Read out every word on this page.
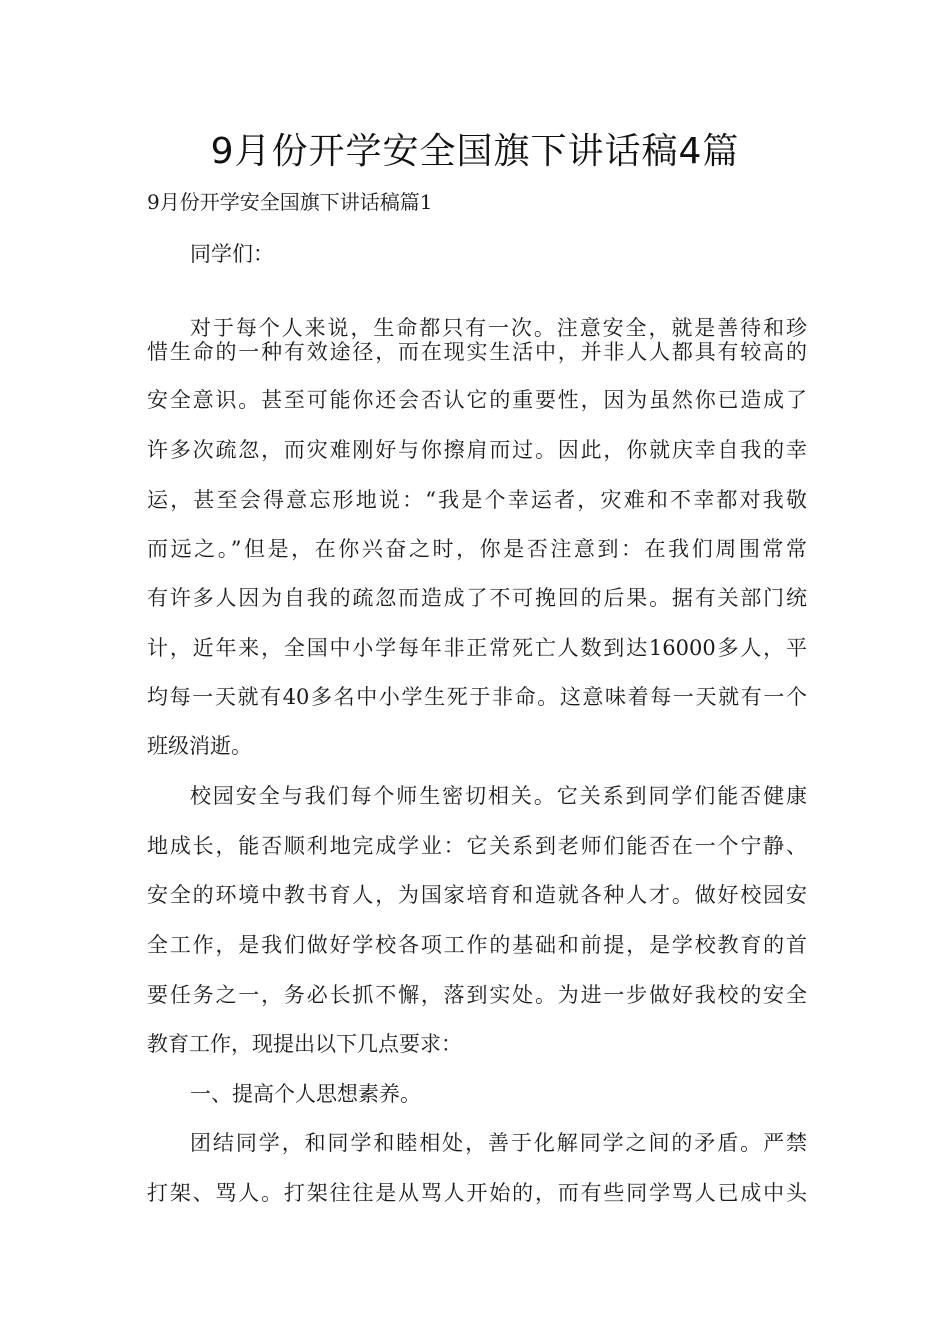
9月份开学安全国旗下讲话稿4篇
9月份开学安全国旗下讲话稿篇1
同学们：
对于每个人来说，生命都只有一次。注意安全，就是善待和珍
惜生命的一种有效途径，而在现实生活中，并非人人都具有较高的
安全意识。甚至可能你还会否认它的重要性，因为虽然你已造成了
许多次疏忽，而灾难刚好与你擦肩而过。因此，你就庆幸自我的幸
运，甚至会得意忘形地说：“我是个幸运者，灾难和不幸都对我敬
而远之。”但是，在你兴奋之时，你是否注意到：在我们周围常常
有许多人因为自我的疏忽而造成了不可挽回的后果。据有关部门统
计，近年来，全国中小学每年非正常死亡人数到达16000多人，平
均每一天就有40多名中小学生死于非命。这意味着每一天就有一个
班级消逝。
校园安全与我们每个师生密切相关。它关系到同学们能否健康
地成长，能否顺利地完成学业：它关系到老师们能否在一个宁静、
安全的环境中教书育人，为国家培育和造就各种人才。做好校园安
全工作，是我们做好学校各项工作的基础和前提，是学校教育的首
要任务之一，务必长抓不懈，落到实处。为进一步做好我校的安全
教育工作，现提出以下几点要求：
一、提高个人思想素养。
团结同学，和同学和睦相处，善于化解同学之间的矛盾。严禁
打架、骂人。打架往往是从骂人开始的，而有些同学骂人已成中头
